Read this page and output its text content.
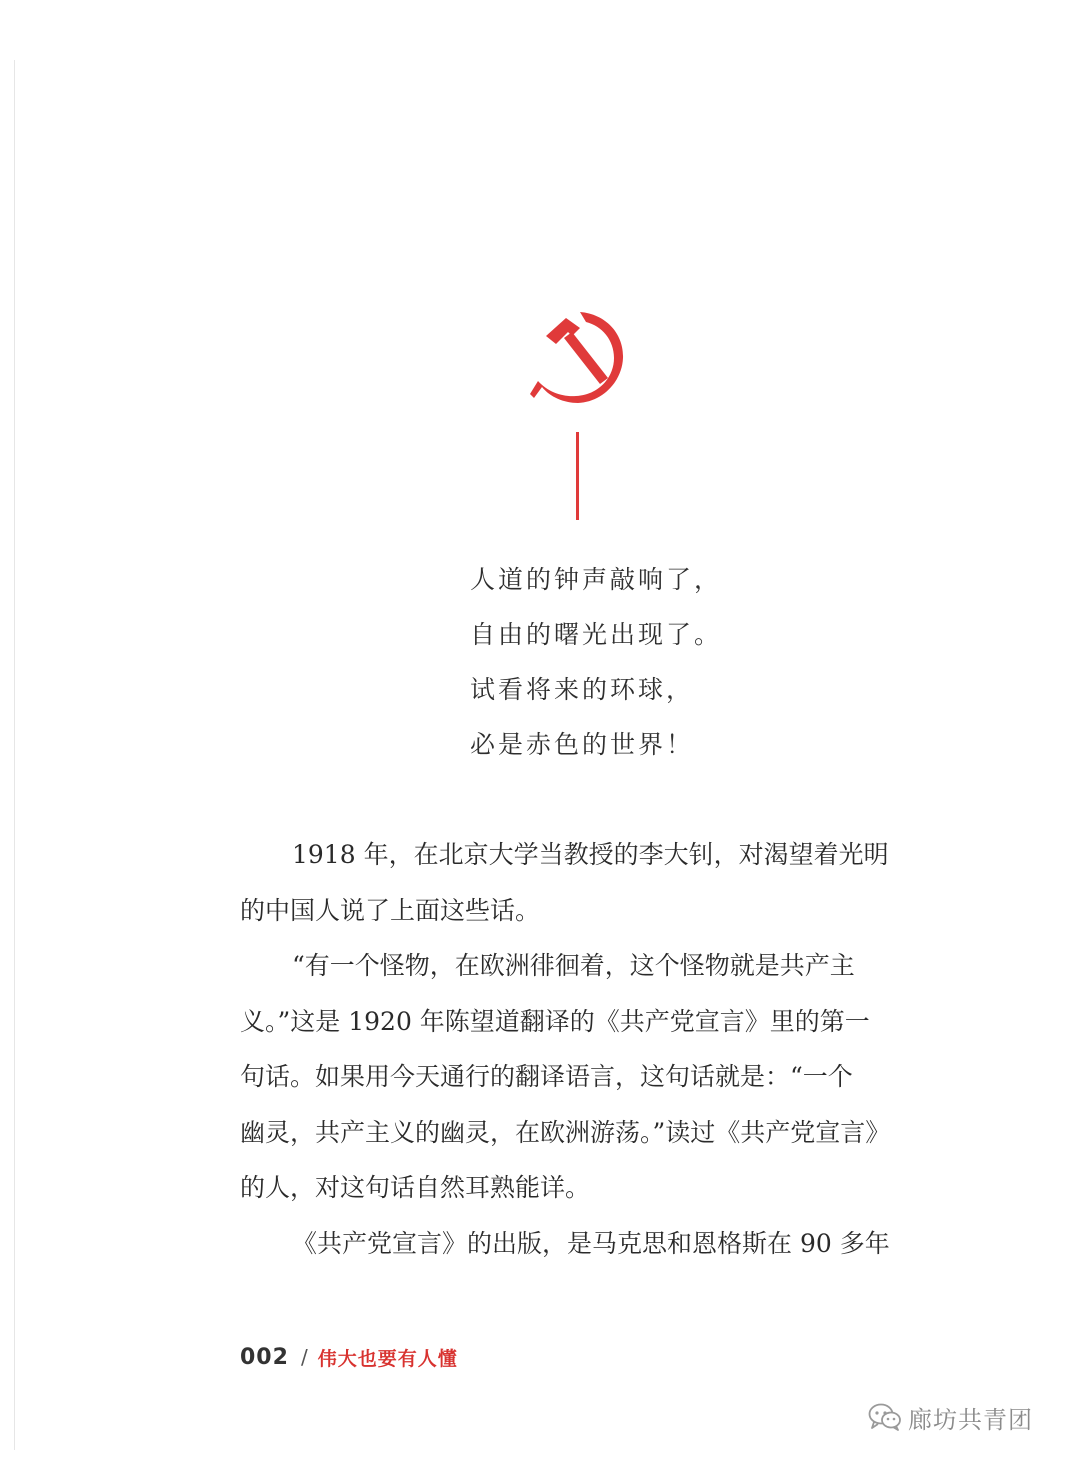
人道的钟声敲响了，
自由的曙光出现了。
试看将来的环球，
必是赤色的世界！
1918 年，在北京大学当教授的李大钊，对渴望着光明
的中国人说了上面这些话。
“有一个怪物，在欧洲徘徊着，这个怪物就是共产主
义。”这是 1920 年陈望道翻译的《共产党宣言》里的第一
句话。如果用今天通行的翻译语言，这句话就是：“一个
幽灵，共产主义的幽灵，在欧洲游荡。”读过《共产党宣言》
的人，对这句话自然耳熟能详。
《共产党宣言》的出版，是马克思和恩格斯在 90 多年
002 / 伟大也要有人懂
廊坊共青团
